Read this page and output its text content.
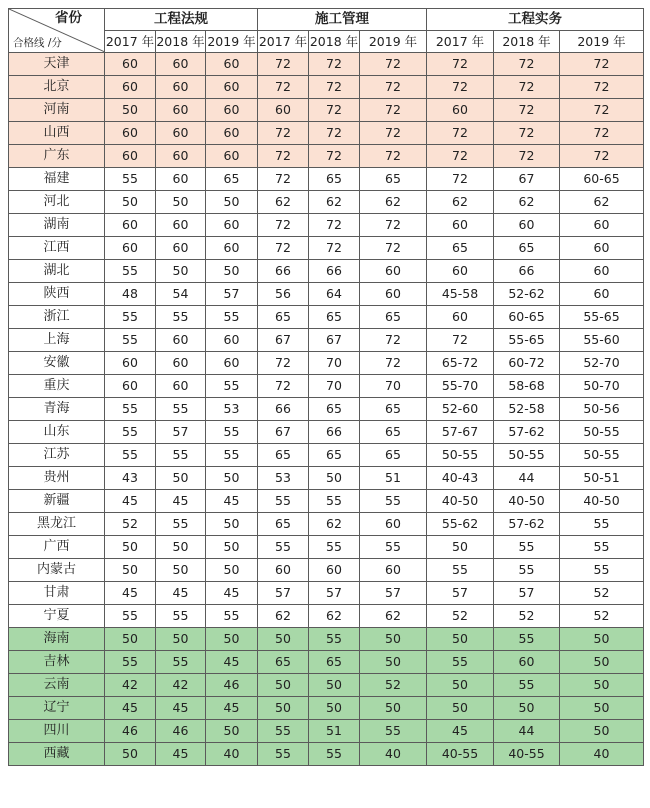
省份
合格线 /分	工程法规			施工管理			工程实务		
	2017 年	2018 年	2019 年	2017 年	2018 年	2019 年	2017 年	2018 年	2019 年
天津	60	60	60	72	72	72	72	72	72
北京	60	60	60	72	72	72	72	72	72
河南	50	60	60	60	72	72	60	72	72
山西	60	60	60	72	72	72	72	72	72
广东	60	60	60	72	72	72	72	72	72
福建	55	60	65	72	65	65	72	67	60-65
河北	50	50	50	62	62	62	62	62	62
湖南	60	60	60	72	72	72	60	60	60
江西	60	60	60	72	72	72	65	65	60
湖北	55	50	50	66	66	60	60	66	60
陕西	48	54	57	56	64	60	45-58	52-62	60
浙江	55	55	55	65	65	65	60	60-65	55-65
上海	55	60	60	67	67	72	72	55-65	55-60
安徽	60	60	60	72	70	72	65-72	60-72	52-70
重庆	60	60	55	72	70	70	55-70	58-68	50-70
青海	55	55	53	66	65	65	52-60	52-58	50-56
山东	55	57	55	67	66	65	57-67	57-62	50-55
江苏	55	55	55	65	65	65	50-55	50-55	50-55
贵州	43	50	50	53	50	51	40-43	44	50-51
新疆	45	45	45	55	55	55	40-50	40-50	40-50
黑龙江	52	55	50	65	62	60	55-62	57-62	55
广西	50	50	50	55	55	55	50	55	55
内蒙古	50	50	50	60	60	60	55	55	55
甘肃	45	45	45	57	57	57	57	57	52
宁夏	55	55	55	62	62	62	52	52	52
海南	50	50	50	50	55	50	50	55	50
吉林	55	55	45	65	65	50	55	60	50
云南	42	42	46	50	50	52	50	55	50
辽宁	45	45	45	50	50	50	50	50	50
四川	46	46	50	55	51	55	45	44	50
西藏	50	45	40	55	55	40	40-55	40-55	40
